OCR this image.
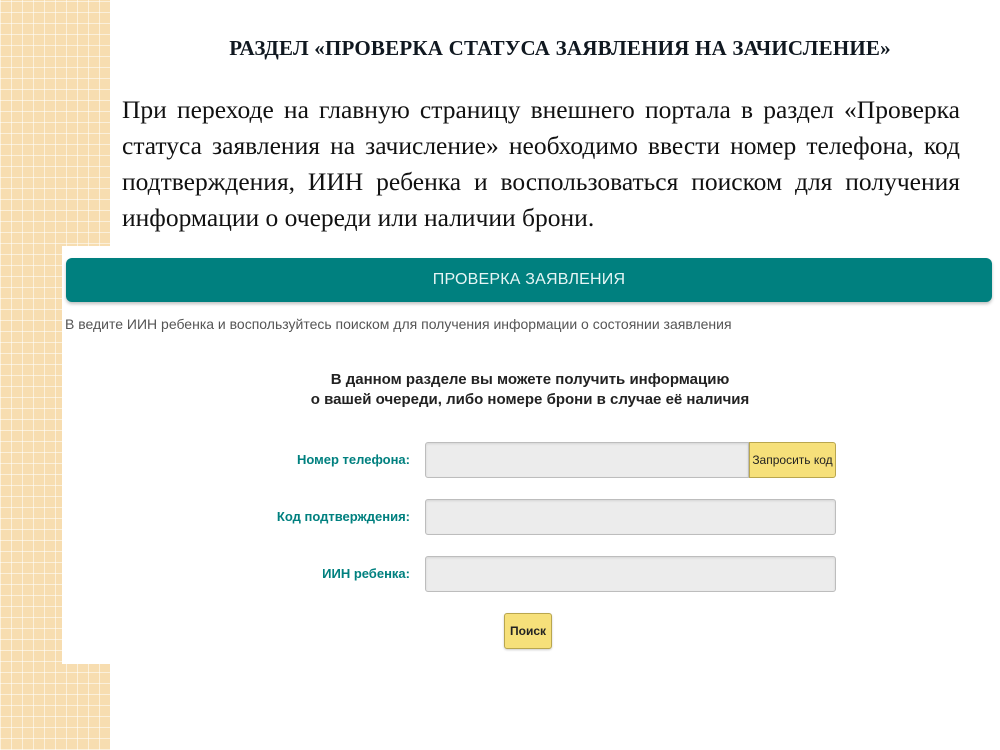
РАЗДЕЛ «ПРОВЕРКА СТАТУСА ЗАЯВЛЕНИЯ НА ЗАЧИСЛЕНИЕ»

При переходе на главную страницу внешнего портала в раздел «Проверка статуса заявления на зачисление» необходимо ввести номер телефона, код подтверждения, ИИН ребенка и воспользоваться поиском для получения информации о очереди или наличии брони.

ПРОВЕРКА ЗАЯВЛЕНИЯ
В ведите ИИН ребенка и воспользуйтесь поиском для получения информации о состоянии заявления
В данном разделе вы можете получить информацию
о вашей очереди, либо номере брони в случае её наличия
Номер телефона:	Запросить код
Код подтверждения:
ИИН ребенка:
Поиск
